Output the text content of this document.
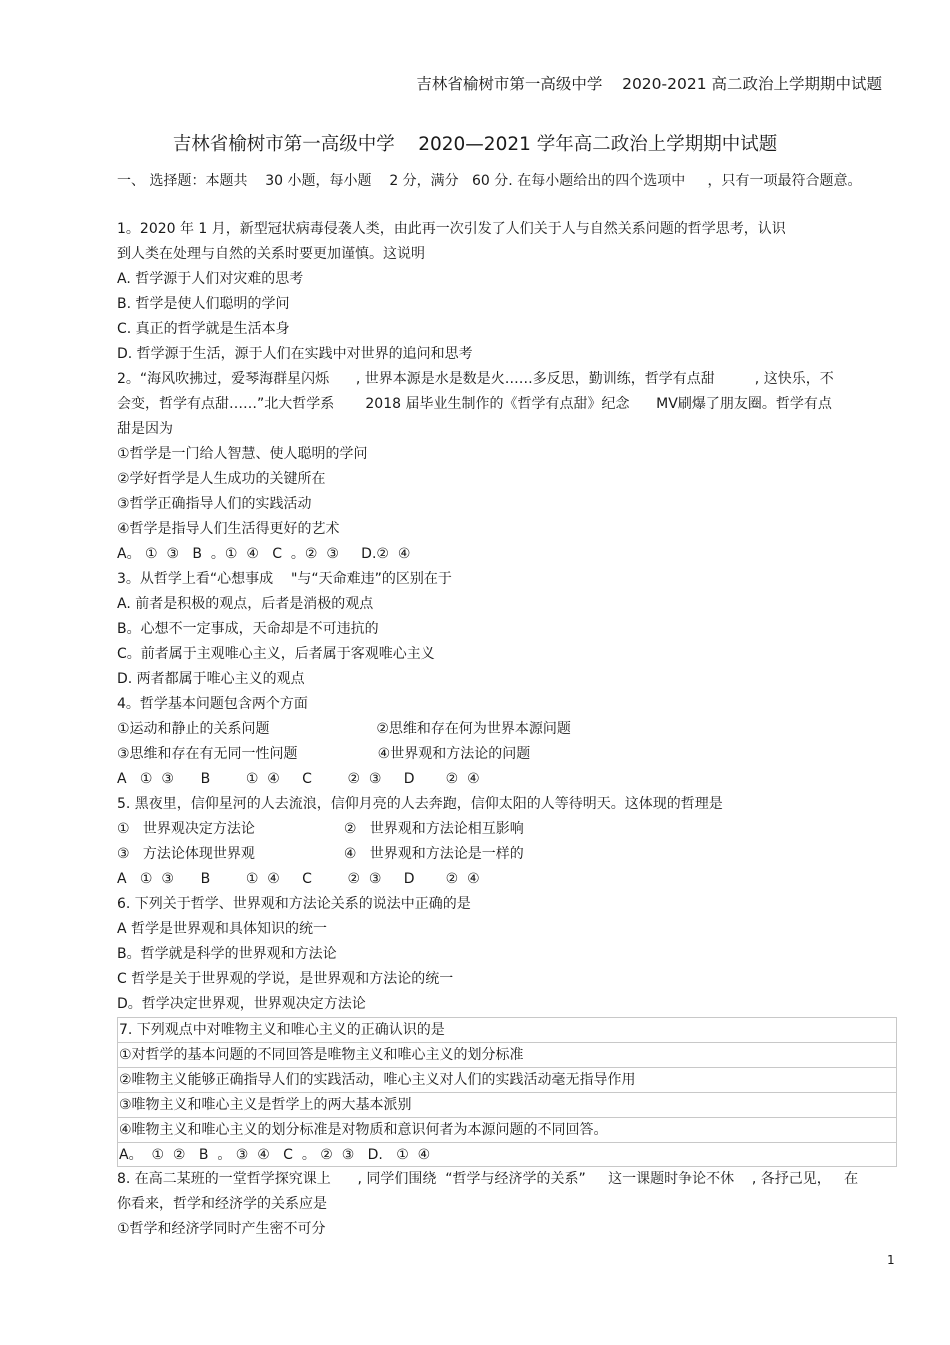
吉林省榆树市第一高级中学    2020-2021 高二政治上学期期中试题
吉林省榆树市第一高级中学    2020—2021 学年高二政治上学期期中试题
一、 选择题：本题共    30 小题，每小题    2 分，满分   60 分. 在每小题给出的四个选项中     ，只有一项最符合题意。
1。2020 年 1 月，新型冠状病毒侵袭人类，由此再一次引发了人们关于人与自然关系问题的哲学思考，认识
到人类在处理与自然的关系时要更加谨慎。这说明
A. 哲学源于人们对灾难的思考
B. 哲学是使人们聪明的学问
C. 真正的哲学就是生活本身
D. 哲学源于生活，源于人们在实践中对世界的追问和思考
2。“海风吹拂过，爱琴海群星闪烁      , 世界本源是水是数是火……多反思，勤训练，哲学有点甜         , 这快乐，不
会变，哲学有点甜……”北大哲学系       2018 届毕业生制作的《哲学有点甜》纪念      MV刷爆了朋友圈。哲学有点
甜是因为
①哲学是一门给人智慧、使人聪明的学问
②学好哲学是人生成功的关键所在
③哲学正确指导人们的实践活动
④哲学是指导人们生活得更好的艺术
A。 ①  ③   B  。①  ④   C  。②  ③     D.②  ④
3。从哲学上看“心想事成    "与“天命难违”的区别在于
A. 前者是积极的观点，后者是消极的观点
B。心想不一定事成，天命却是不可违抗的
C。前者属于主观唯心主义，后者属于客观唯心主义
D. 两者都属于唯心主义的观点
4。哲学基本问题包含两个方面
①运动和静止的关系问题                        ②思维和存在何为世界本源问题
③思维和存在有无同一性问题                  ④世界观和方法论的问题
A   ①  ③      B        ①  ④     C        ②  ③     D       ②  ④
5. 黑夜里，信仰星河的人去流浪，信仰月亮的人去奔跑，信仰太阳的人等待明天。这体现的哲理是
①   世界观决定方法论                    ②   世界观和方法论相互影响
③   方法论体现世界观                    ④   世界观和方法论是一样的
A   ①  ③      B        ①  ④     C        ②  ③     D       ②  ④
6. 下列关于哲学、世界观和方法论关系的说法中正确的是
A 哲学是世界观和具体知识的统一
B。哲学就是科学的世界观和方法论
C 哲学是关于世界观的学说，是世界观和方法论的统一
D。哲学决定世界观，世界观决定方法论
7. 下列观点中对唯物主义和唯心主义的正确认识的是
①对哲学的基本问题的不同回答是唯物主义和唯心主义的划分标准
②唯物主义能够正确指导人们的实践活动，唯心主义对人们的实践活动毫无指导作用
③唯物主义和唯心主义是哲学上的两大基本派别
④唯物主义和唯心主义的划分标准是对物质和意识何者为本源问题的不同回答。
A。  ①  ②   B  。 ③  ④   C  。 ②  ③   D.   ①  ④
8. 在高二某班的一堂哲学探究课上      , 同学们围绕  “哲学与经济学的关系”     这一课题时争论不休    , 各抒己见，   在
你看来，哲学和经济学的关系应是
①哲学和经济学同时产生密不可分
1
